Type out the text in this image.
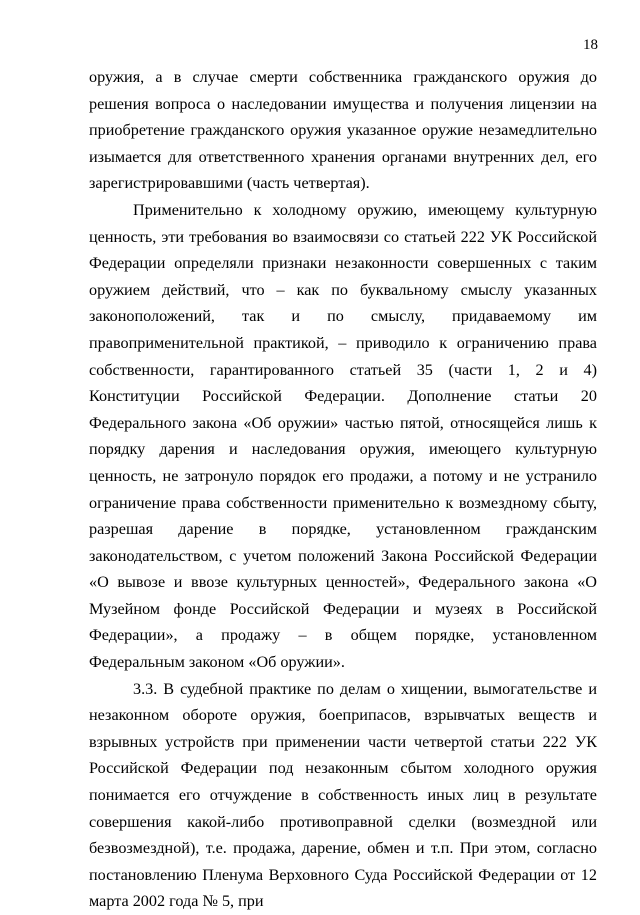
18

оружия, а в случае смерти собственника гражданского оружия до решения вопроса о наследовании имущества и получения лицензии на приобретение гражданского оружия указанное оружие незамедлительно изымается для ответственного хранения органами внутренних дел, его зарегистрировавшими (часть четвертая).

Применительно к холодному оружию, имеющему культурную ценность, эти требования во взаимосвязи со статьей 222 УК Российской Федерации определяли признаки незаконности совершенных с таким оружием действий, что – как по буквальному смыслу указанных законоположений, так и по смыслу, придаваемому им правоприменительной практикой, – приводило к ограничению права собственности, гарантированного статьей 35 (части 1, 2 и 4) Конституции Российской Федерации. Дополнение статьи 20 Федерального закона «Об оружии» частью пятой, относящейся лишь к порядку дарения и наследования оружия, имеющего культурную ценность, не затронуло порядок его продажи, а потому и не устранило ограничение права собственности применительно к возмездному сбыту, разрешая дарение в порядке, установленном гражданским законодательством, с учетом положений Закона Российской Федерации «О вывозе и ввозе культурных ценностей», Федерального закона «О Музейном фонде Российской Федерации и музеях в Российской Федерации», а продажу – в общем порядке, установленном Федеральным законом «Об оружии».

3.3. В судебной практике по делам о хищении, вымогательстве и незаконном обороте оружия, боеприпасов, взрывчатых веществ и взрывных устройств при применении части четвертой статьи 222 УК Российской Федерации под незаконным сбытом холодного оружия понимается его отчуждение в собственность иных лиц в результате совершения какой-либо противоправной сделки (возмездной или безвозмездной), т.е. продажа, дарение, обмен и т.п. При этом, согласно постановлению Пленума Верховного Суда Российской Федерации от 12 марта 2002 года № 5, при
